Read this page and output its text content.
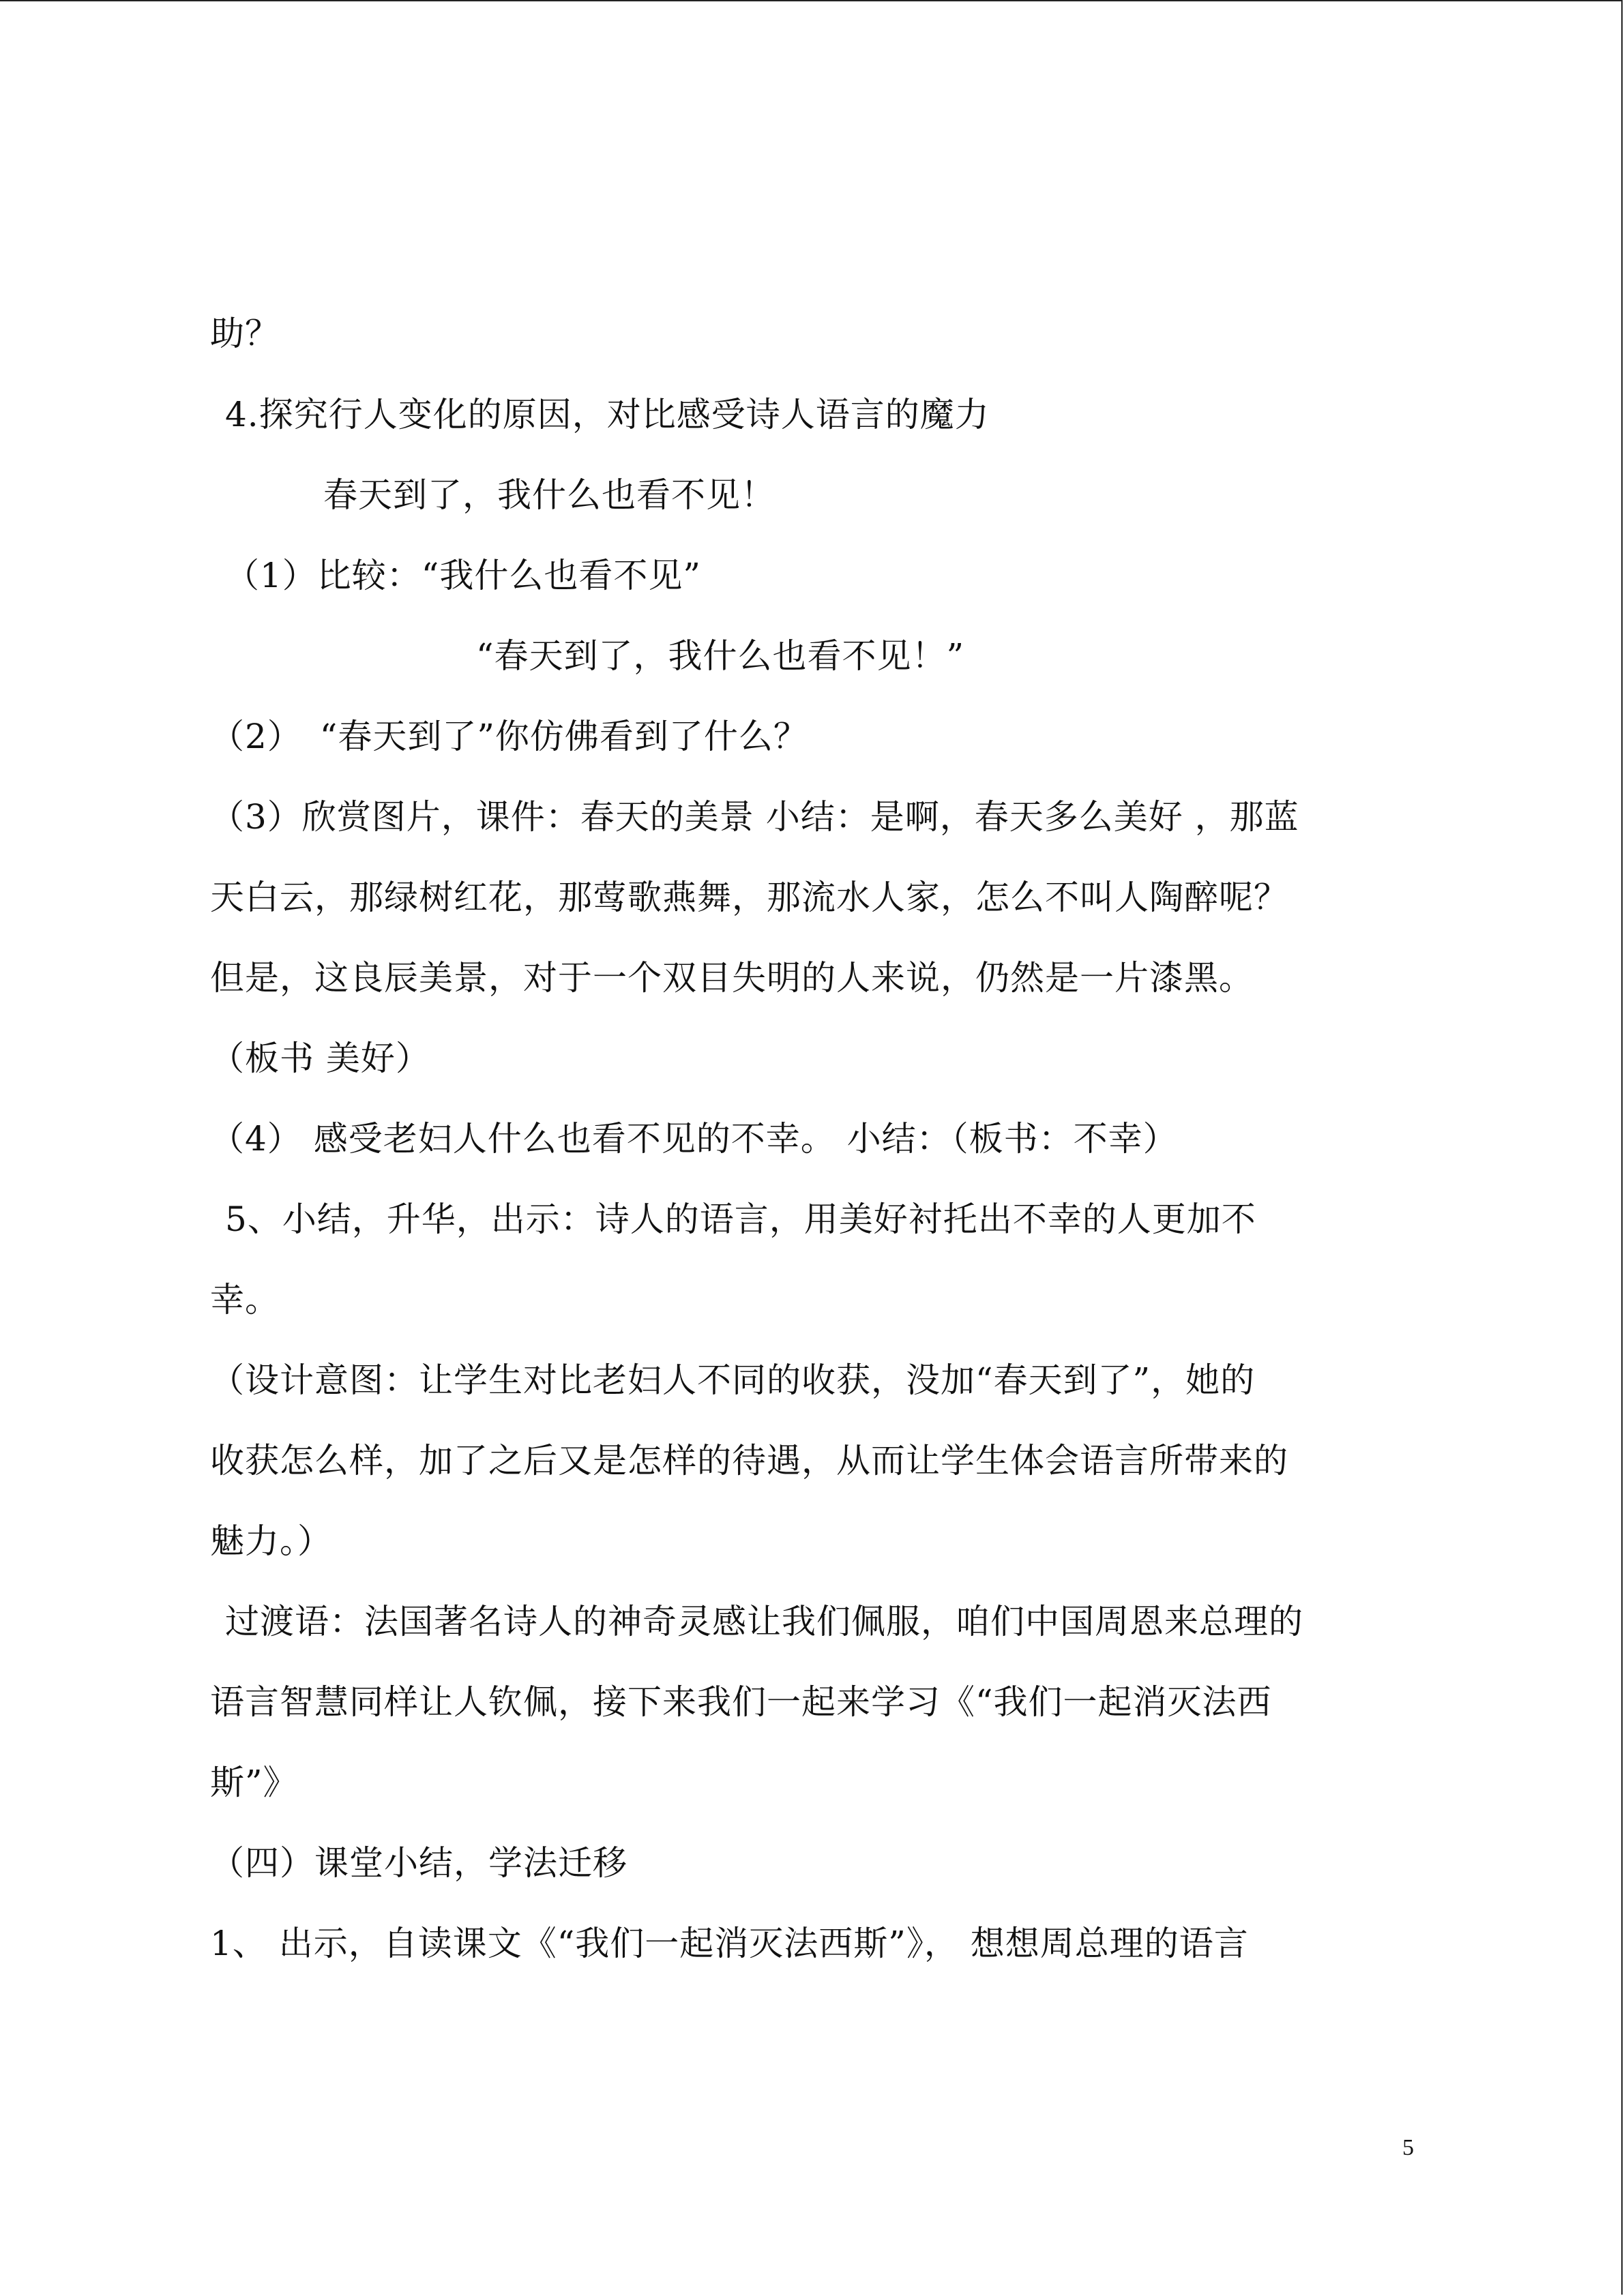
助？
4.探究行人变化的原因，对比感受诗人语言的魔力
春天到了，我什么也看不见！
（1）比较：“我什么也看不见”
“春天到了，我什么也看不见！”
（2）　“春天到了”你仿佛看到了什么？
（3）欣赏图片，课件：春天的美景 小结：是啊，春天多么美好 ，那蓝
天白云，那绿树红花，那莺歌燕舞，那流水人家，怎么不叫人陶醉呢？
但是，这良辰美景，对于一个双目失明的人来说，仍然是一片漆黑。
（板书 美好）
（4） 感受老妇人什么也看不见的不幸。 小结：（板书：不幸）
5、小结，升华，出示：诗人的语言，用美好衬托出不幸的人更加不
幸。
（设计意图：让学生对比老妇人不同的收获，没加“春天到了”，她的
收获怎么样，加了之后又是怎样的待遇，从而让学生体会语言所带来的
魅力。）
过渡语：法国著名诗人的神奇灵感让我们佩服，咱们中国周恩来总理的
语言智慧同样让人钦佩，接下来我们一起来学习《“我们一起消灭法西
斯”》
（四）课堂小结，学法迁移
1、 出示，自读课文《“我们一起消灭法西斯”》， 想想周总理的语言
5
